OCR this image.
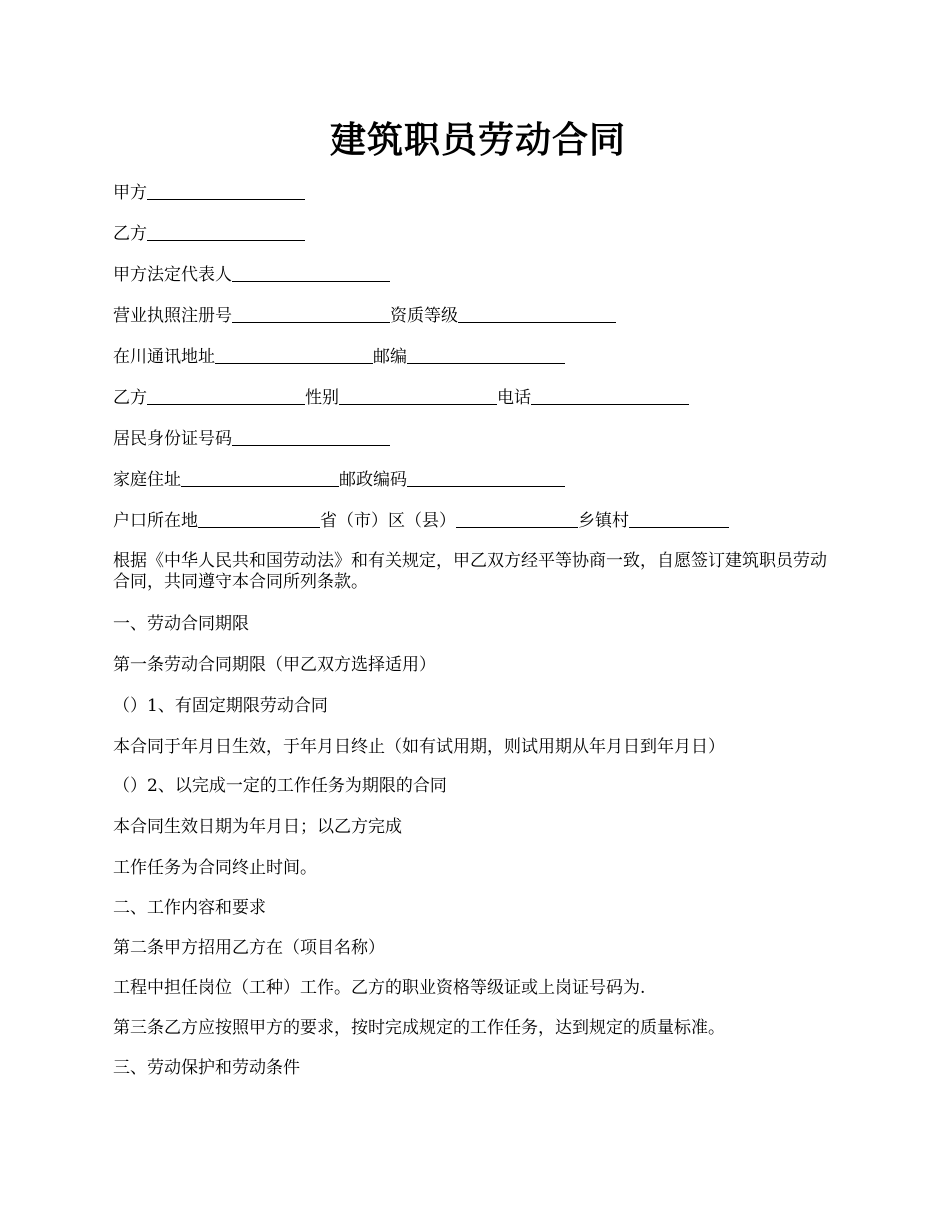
建筑职员劳动合同
甲方
乙方
甲方法定代表人
营业执照注册号	资质等级
在川通讯地址	邮编
乙方	性别	电话
居民身份证号码
家庭住址	邮政编码
户口所在地	省（市）区（县）	乡镇村
根据《中华人民共和国劳动法》和有关规定，甲乙双方经平等协商一致，自愿签订建筑职员劳动合同，共同遵守本合同所列条款。
一、劳动合同期限
第一条劳动合同期限（甲乙双方选择适用）
（）1、有固定期限劳动合同
本合同于年月日生效，于年月日终止（如有试用期，则试用期从年月日到年月日）
（）2、以完成一定的工作任务为期限的合同
本合同生效日期为年月日；以乙方完成
工作任务为合同终止时间。
二、工作内容和要求
第二条甲方招用乙方在（项目名称）
工程中担任岗位（工种）工作。乙方的职业资格等级证或上岗证号码为.
第三条乙方应按照甲方的要求，按时完成规定的工作任务，达到规定的质量标准。
三、劳动保护和劳动条件
